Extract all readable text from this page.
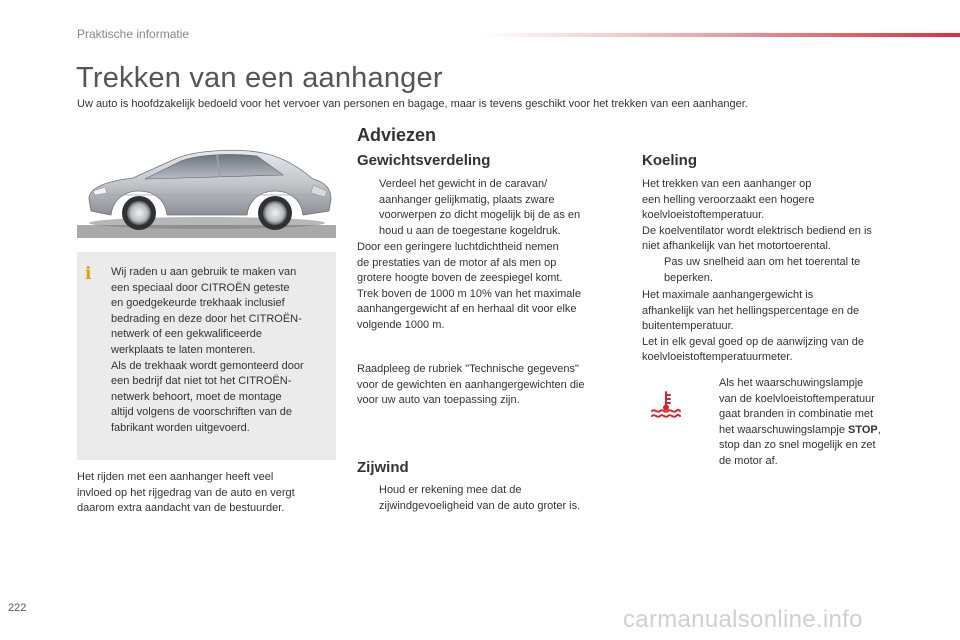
Praktische informatie
Trekken van een aanhanger
Uw auto is hoofdzakelijk bedoeld voor het vervoer van personen en bagage, maar is tevens geschikt voor het trekken van een aanhanger.
i Wij raden u aan gebruik te maken van
een speciaal door CITROËN geteste
en goedgekeurde trekhaak inclusief
bedrading en deze door het CITROËN-
netwerk of een gekwalificeerde
werkplaats te laten monteren.
Als de trekhaak wordt gemonteerd door
een bedrijf dat niet tot het CITROËN-
netwerk behoort, moet de montage
altijd volgens de voorschriften van de
fabrikant worden uitgevoerd.
Het rijden met een aanhanger heeft veel
invloed op het rijgedrag van de auto en vergt
daarom extra aandacht van de bestuurder.
Adviezen
Gewichtsverdeling
Verdeel het gewicht in de caravan/
aanhanger gelijkmatig, plaats zware
voorwerpen zo dicht mogelijk bij de as en
houd u aan de toegestane kogeldruk.
Door een geringere luchtdichtheid nemen
de prestaties van de motor af als men op
grotere hoogte boven de zeespiegel komt.
Trek boven de 1000 m 10% van het maximale
aanhangergewicht af en herhaal dit voor elke
volgende 1000 m.
Raadpleeg de rubriek "Technische gegevens"
voor de gewichten en aanhangergewichten die
voor uw auto van toepassing zijn.
Zijwind
Houd er rekening mee dat de
zijwindgevoeligheid van de auto groter is.
Koeling
Het trekken van een aanhanger op
een helling veroorzaakt een hogere
koelvloeistoftemperatuur.
De koelventilator wordt elektrisch bediend en is
niet afhankelijk van het motortoerental.
Pas uw snelheid aan om het toerental te
beperken.
Het maximale aanhangergewicht is
afhankelijk van het hellingspercentage en de
buitentemperatuur.
Let in elk geval goed op de aanwijzing van de
koelvloeistoftemperatuurmeter.
Als het waarschuwingslampje
van de koelvloeistoftemperatuur
gaat branden in combinatie met
het waarschuwingslampje STOP,
stop dan zo snel mogelijk en zet
de motor af.
222	carmanualsonline.info
